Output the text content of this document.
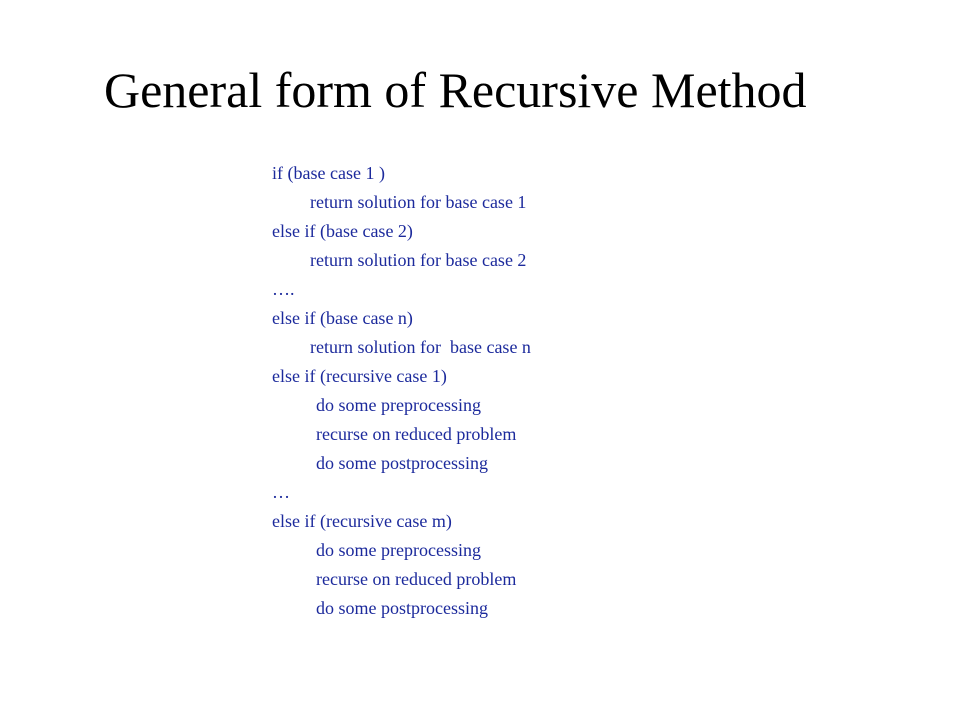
General form of Recursive Method
if (base case 1 )
return solution for base case 1
else if (base case 2)
return solution for base case 2
….
else if (base case n)
return solution for  base case n
else if (recursive case 1)
do some preprocessing
recurse on reduced problem
do some postprocessing
…
else if (recursive case m)
do some preprocessing
recurse on reduced problem
do some postprocessing
